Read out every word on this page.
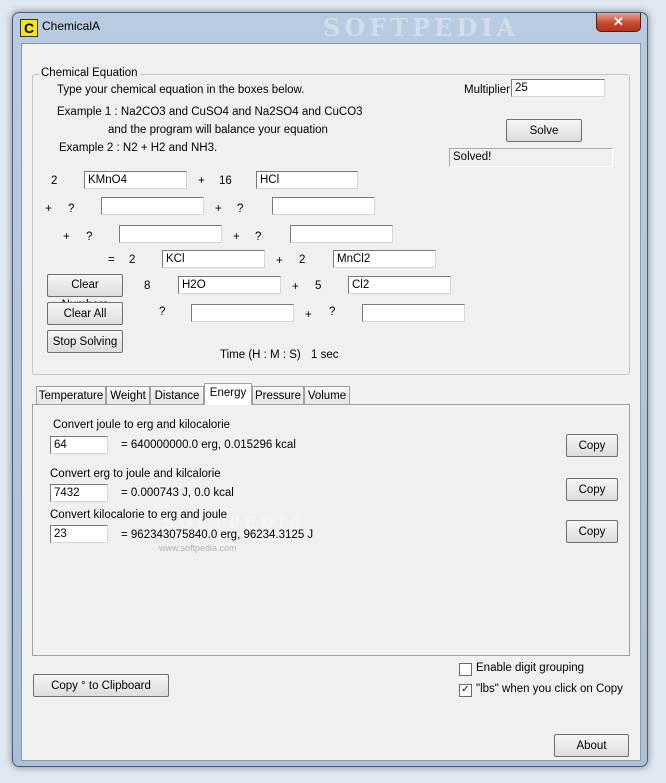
C ChemicalA	SOFTPEDIA	✕
Chemical Equation
Type your chemical equation in the boxes below.
Example 1 : Na2CO3 and CuSO4 and Na2SO4 and CuCO3
and the program will balance your equation
Example 2 : N2 + H2 and NH3.
Multiplier
25
Solve
Solved!
2
KMnO4	+ 16
HCl
+ ?	+ ?
+ ?	+ ?
= 2
KCl	+ 2
MnCl2
Clear	8
H2O	+ 5
Cl2
Clear All	?	+ ?
Stop Solving
Time (H : M : S) 1 sec
Temperature Weight Distance Energy Pressure Volume
SOFTPEDIA
www.softpedia.com
Convert joule to erg and kilocalorie
64
= 640000000.0 erg, 0.015296 kcal	Copy
Convert erg to joule and kilcalorie
7432
= 0.000743 J, 0.0 kcal	Copy
Convert kilocalorie to erg and joule
23
= 962343075840.0 erg, 96234.3125 J	Copy
Copy ° to Clipboard
Enable digit grouping
✓ "lbs" when you click on Copy
About
